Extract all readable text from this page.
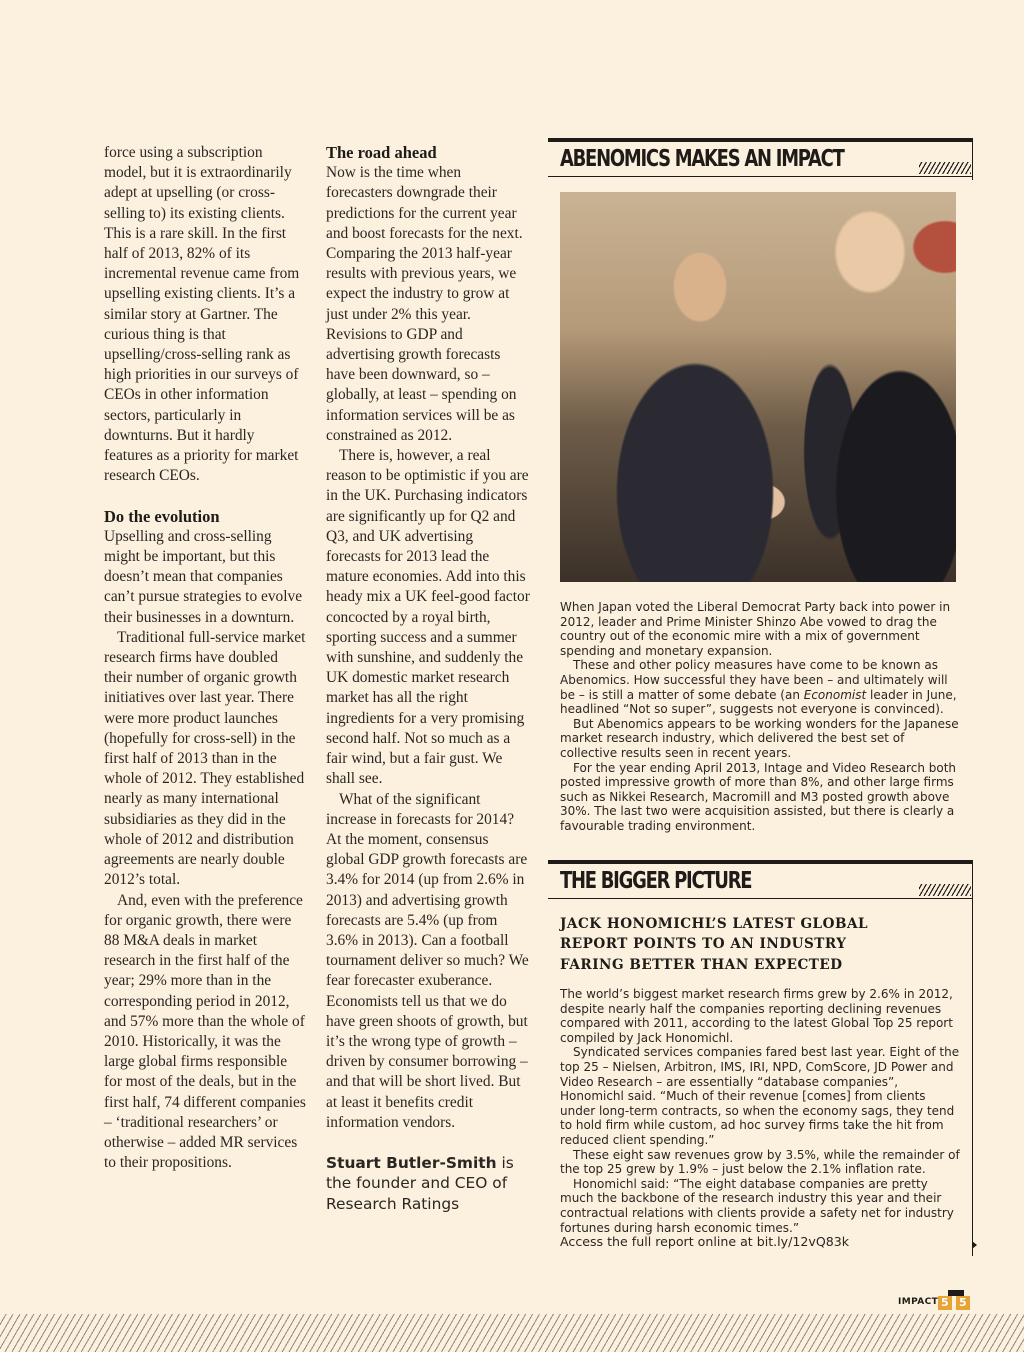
force using a subscription model, but it is extraordinarily adept at upselling (or cross-selling to) its existing clients. This is a rare skill. In the first half of 2013, 82% of its incremental revenue came from upselling existing clients. It’s a similar story at Gartner. The curious thing is that upselling/cross-selling rank as high priorities in our surveys of CEOs in other information sectors, particularly in downturns. But it hardly features as a priority for market research CEOs.

Do the evolution

Upselling and cross-selling might be important, but this doesn’t mean that companies can’t pursue strategies to evolve their businesses in a downturn.

Traditional full-service market research firms have doubled their number of organic growth initiatives over last year. There were more product launches (hopefully for cross-sell) in the first half of 2013 than in the whole of 2012. They established nearly as many international subsidiaries as they did in the whole of 2012 and distribution agreements are nearly double 2012’s total.

And, even with the preference for organic growth, there were 88 M&A deals in market research in the first half of the year; 29% more than in the corresponding period in 2012, and 57% more than the whole of 2010. Historically, it was the large global firms responsible for most of the deals, but in the first half, 74 different companies – ‘traditional researchers’ or otherwise – added MR services to their propositions.

The road ahead

Now is the time when forecasters downgrade their predictions for the current year and boost forecasts for the next. Comparing the 2013 half-year results with previous years, we expect the industry to grow at just under 2% this year. Revisions to GDP and advertising growth forecasts have been downward, so – globally, at least – spending on information services will be as constrained as 2012.

There is, however, a real reason to be optimistic if you are in the UK. Purchasing indicators are significantly up for Q2 and Q3, and UK advertising forecasts for 2013 lead the mature economies. Add into this heady mix a UK feel-good factor concocted by a royal birth, sporting success and a summer with sunshine, and suddenly the UK domestic market research market has all the right ingredients for a very promising second half. Not so much as a fair wind, but a fair gust. We shall see.

What of the significant increase in forecasts for 2014? At the moment, consensus global GDP growth forecasts are 3.4% for 2014 (up from 2.6% in 2013) and advertising growth forecasts are 5.4% (up from 3.6% in 2013). Can a football tournament deliver so much? We fear forecaster exuberance. Economists tell us that we do have green shoots of growth, but it’s the wrong type of growth – driven by consumer borrowing – and that will be short lived. But at least it benefits credit information vendors.

Stuart Butler-Smith is the founder and CEO of Research Ratings

ABENOMICS MAKES AN IMPACT

When Japan voted the Liberal Democrat Party back into power in 2012, leader and Prime Minister Shinzo Abe vowed to drag the country out of the economic mire with a mix of government spending and monetary expansion.

These and other policy measures have come to be known as Abenomics. How successful they have been – and ultimately will be – is still a matter of some debate (an Economist leader in June, headlined “Not so super”, suggests not everyone is convinced).

But Abenomics appears to be working wonders for the Japanese market research industry, which delivered the best set of collective results seen in recent years.

For the year ending April 2013, Intage and Video Research both posted impressive growth of more than 8%, and other large firms such as Nikkei Research, Macromill and M3 posted growth above 30%. The last two were acquisition assisted, but there is clearly a favourable trading environment.

THE BIGGER PICTURE
JACK HONOMICHL’S LATEST GLOBAL REPORT POINTS TO AN INDUSTRY FARING BETTER THAN EXPECTED

The world’s biggest market research firms grew by 2.6% in 2012, despite nearly half the companies reporting declining revenues compared with 2011, according to the latest Global Top 25 report compiled by Jack Honomichl.

Syndicated services companies fared best last year. Eight of the top 25 – Nielsen, Arbitron, IMS, IRI, NPD, ComScore, JD Power and Video Research – are essentially “database companies”, Honomichl said. “Much of their revenue [comes] from clients under long-term contracts, so when the economy sags, they tend to hold firm while custom, ad hoc survey firms take the hit from reduced client spending.”

These eight saw revenues grow by 3.5%, while the remainder of the top 25 grew by 1.9% – just below the 2.1% inflation rate.

Honomichl said: “The eight database companies are pretty much the backbone of the research industry this year and their contractual relations with clients provide a safety net for industry fortunes during harsh economic times.”

Access the full report online at bit.ly/12vQ83k

IMPACT 5 5
